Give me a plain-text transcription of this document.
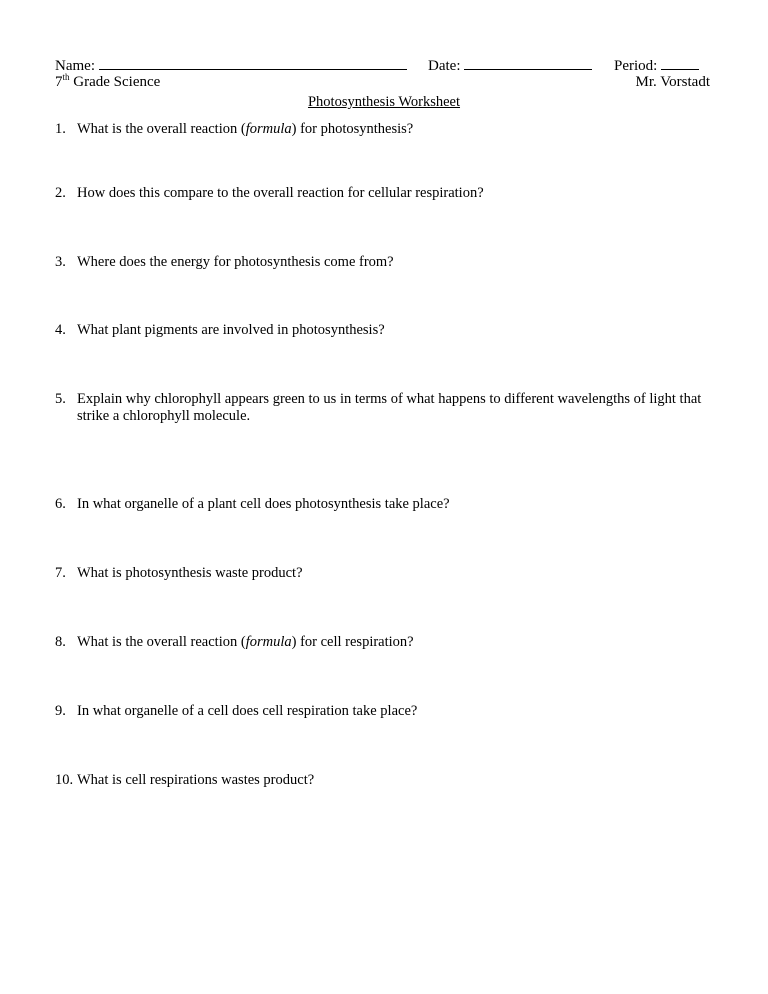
Name:	Date:	Period:
7th Grade Science	Mr. Vorstadt
Photosynthesis Worksheet
1. What is the overall reaction (formula) for photosynthesis?
2. How does this compare to the overall reaction for cellular respiration?
3. Where does the energy for photosynthesis come from?
4. What plant pigments are involved in photosynthesis?
5. Explain why chlorophyll appears green to us in terms of what happens to different wavelengths of light that strike a chlorophyll molecule.
6. In what organelle of a plant cell does photosynthesis take place?
7. What is photosynthesis waste product?
8. What is the overall reaction (formula) for cell respiration?
9. In what organelle of a cell does cell respiration take place?
10. What is cell respirations wastes product?
